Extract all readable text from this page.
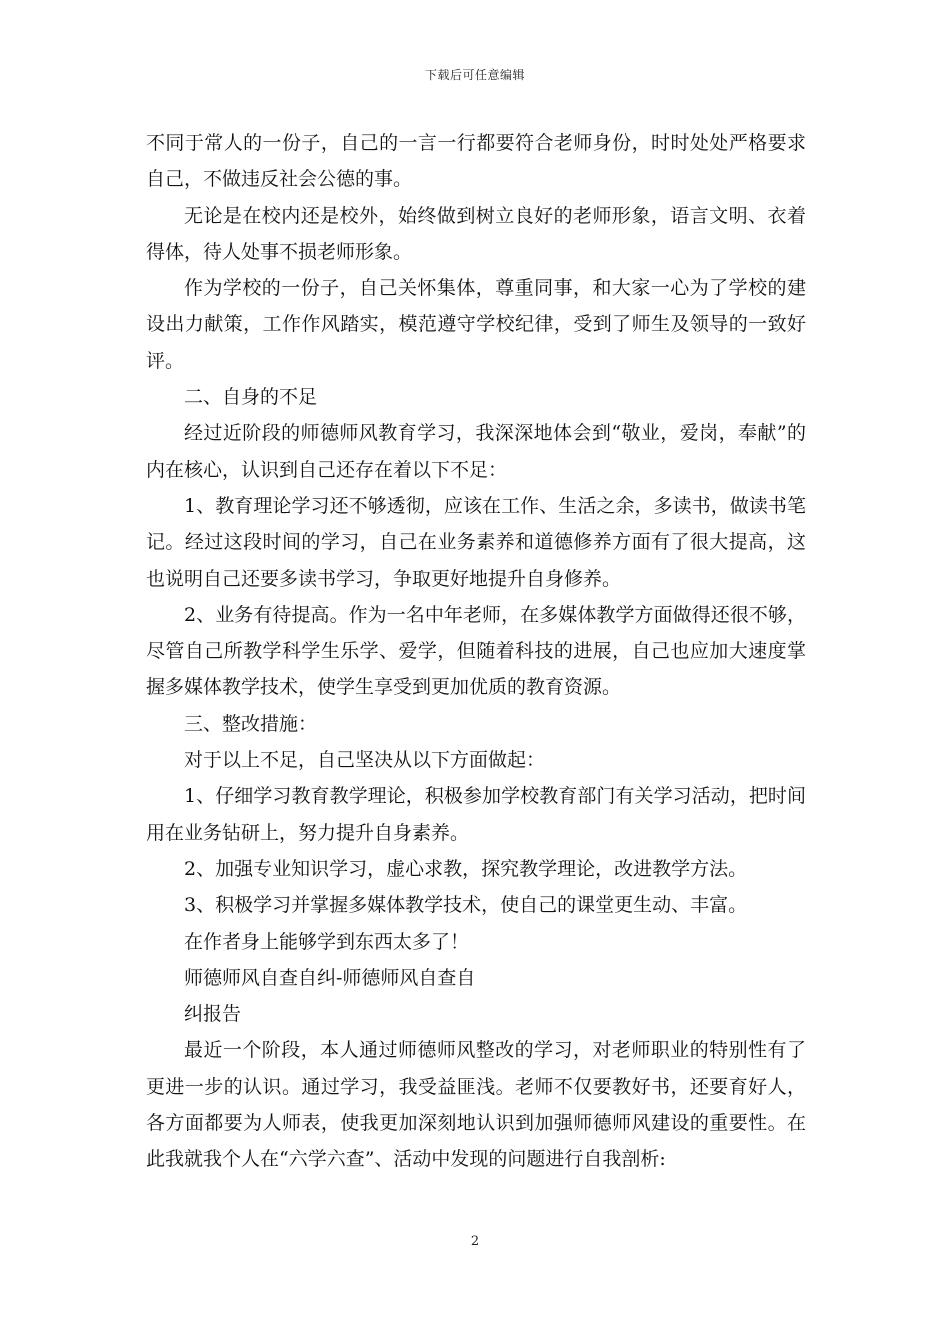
下载后可任意编辑

不同于常人的一份子，自己的一言一行都要符合老师身份，时时处处严格要求自己，不做违反社会公德的事。

无论是在校内还是校外，始终做到树立良好的老师形象，语言文明、衣着得体，待人处事不损老师形象。

作为学校的一份子，自己关怀集体，尊重同事，和大家一心为了学校的建设出力献策，工作作风踏实，模范遵守学校纪律，受到了师生及领导的一致好评。

二、自身的不足

经过近阶段的师德师风教育学习，我深深地体会到“敬业，爱岗，奉献”的内在核心，认识到自己还存在着以下不足：

1、教育理论学习还不够透彻，应该在工作、生活之余，多读书，做读书笔记。经过这段时间的学习，自己在业务素养和道德修养方面有了很大提高，这也说明自己还要多读书学习，争取更好地提升自身修养。

2、业务有待提高。作为一名中年老师，在多媒体教学方面做得还很不够，尽管自己所教学科学生乐学、爱学，但随着科技的进展，自己也应加大速度掌握多媒体教学技术，使学生享受到更加优质的教育资源。

三、整改措施：

对于以上不足，自己坚决从以下方面做起：

1、仔细学习教育教学理论，积极参加学校教育部门有关学习活动，把时间用在业务钻研上，努力提升自身素养。

2、加强专业知识学习，虚心求教，探究教学理论，改进教学方法。

3、积极学习并掌握多媒体教学技术，使自己的课堂更生动、丰富。

在作者身上能够学到东西太多了！

师德师风自查自纠-师德师风自查自

纠报告

最近一个阶段，本人通过师德师风整改的学习，对老师职业的特别性有了更进一步的认识。通过学习，我受益匪浅。老师不仅要教好书，还要育好人，各方面都要为人师表，使我更加深刻地认识到加强师德师风建设的重要性。在此我就我个人在“六学六查”、活动中发现的问题进行自我剖析:

2
